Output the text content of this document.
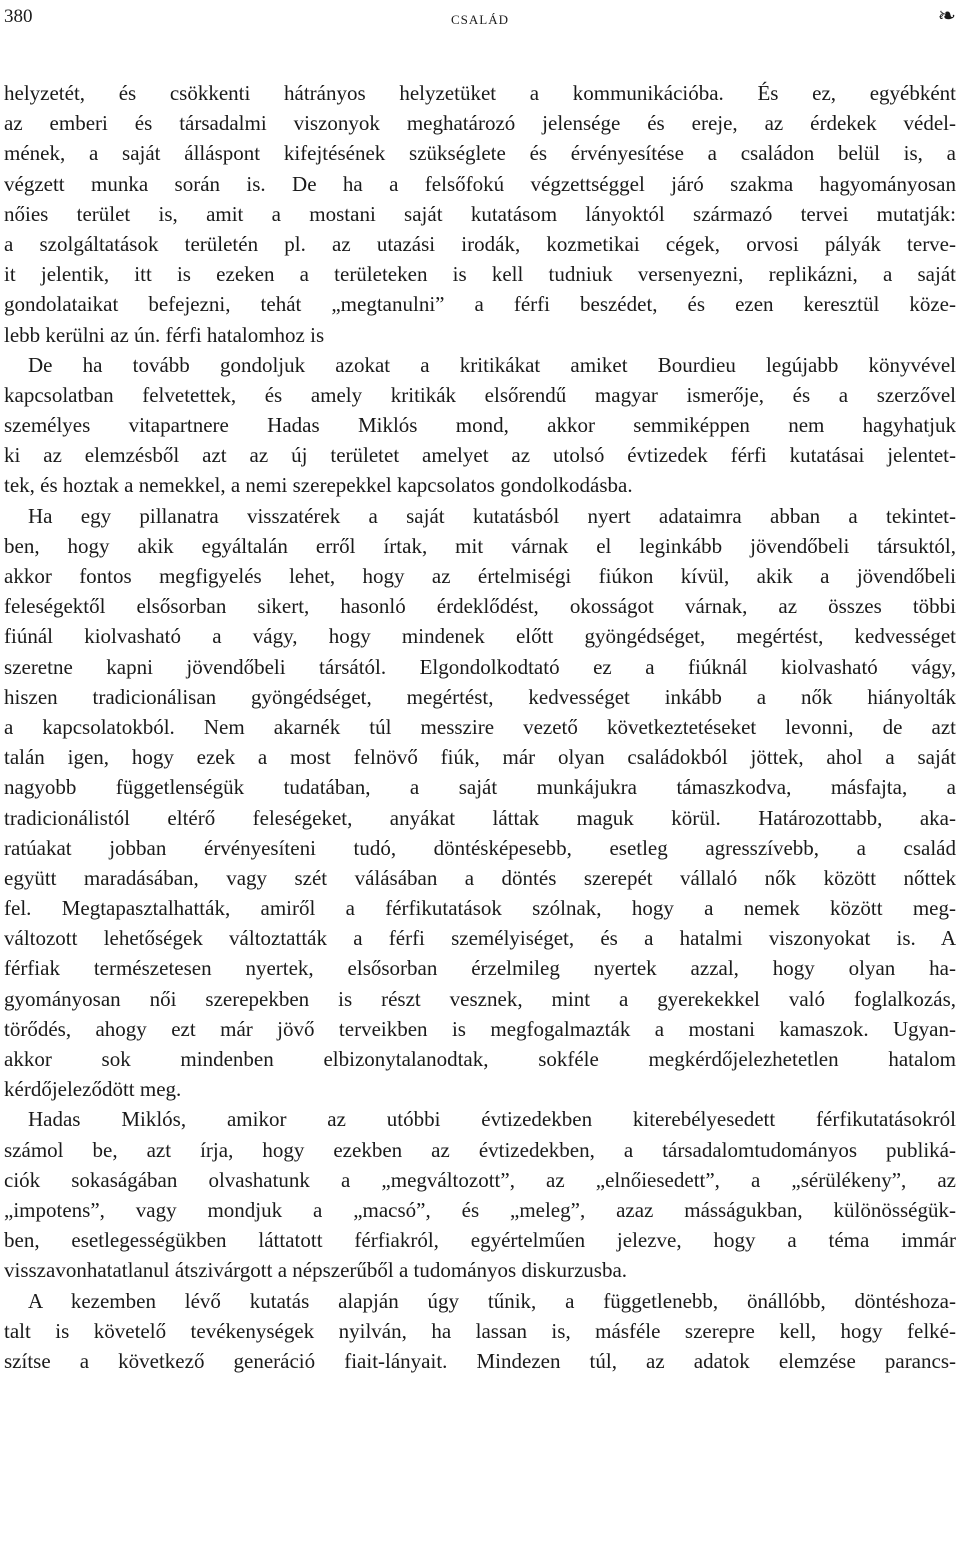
380	család	❧
helyzetét, és csökkenti hátrányos helyzetüket a kommunikációba. És ez, egyébként
az emberi és társadalmi viszonyok meghatározó jelensége és ereje, az érdekek védel-
mének, a saját álláspont kifejtésének szükséglete és érvényesítése a családon belül is, a
végzett munka során is. De ha a felsőfokú végzettséggel járó szakma hagyományosan
nőies terület is, amit a mostani saját kutatásom lányoktól származó tervei mutatják:
a szolgáltatások területén pl. az utazási irodák, kozmetikai cégek, orvosi pályák terve-
it jelentik, itt is ezeken a területeken is kell tudniuk versenyezni, replikázni, a saját
gondolataikat befejezni, tehát „megtanulni” a férfi beszédet, és ezen keresztül köze-
lebb kerülni az ún. férfi hatalomhoz is
De ha tovább gondoljuk azokat a kritikákat amiket Bourdieu legújabb könyvével
kapcsolatban felvetettek, és amely kritikák elsőrendű magyar ismerője, és a szerzővel
személyes vitapartnere Hadas Miklós mond, akkor semmiképpen nem hagyhatjuk
ki az elemzésből azt az új területet amelyet az utolsó évtizedek férfi kutatásai jelentet-
tek, és hoztak a nemekkel, a nemi szerepekkel kapcsolatos gondolkodásba.
Ha egy pillanatra visszatérek a saját kutatásból nyert adataimra abban a tekintet-
ben, hogy akik egyáltalán erről írtak, mit várnak el leginkább jövendőbeli társuktól,
akkor fontos megfigyelés lehet, hogy az értelmiségi fiúkon kívül, akik a jövendőbeli
feleségektől elsősorban sikert, hasonló érdeklődést, okosságot várnak, az összes többi
fiúnál kiolvasható a vágy, hogy mindenek előtt gyöngédséget, megértést, kedvességet
szeretne kapni jövendőbeli társától. Elgondolkodtató ez a fiúknál kiolvasható vágy,
hiszen tradicionálisan gyöngédséget, megértést, kedvességet inkább a nők hiányolták
a kapcsolatokból. Nem akarnék túl messzire vezető következtetéseket levonni, de azt
talán igen, hogy ezek a most felnövő fiúk, már olyan családokból jöttek, ahol a saját
nagyobb függetlenségük tudatában, a saját munkájukra támaszkodva, másfajta, a
tradicionálistól eltérő feleségeket, anyákat láttak maguk körül. Határozottabb, aka-
ratúakat jobban érvényesíteni tudó, döntésképesebb, esetleg agresszívebb, a család
együtt maradásában, vagy szét válásában a döntés szerepét vállaló nők között nőttek
fel. Megtapasztalhatták, amiről a férfikutatások szólnak, hogy a nemek között meg-
változott lehetőségek változtatták a férfi személyiséget, és a hatalmi viszonyokat is. A
férfiak természetesen nyertek, elsősorban érzelmileg nyertek azzal, hogy olyan ha-
gyományosan női szerepekben is részt vesznek, mint a gyerekekkel való foglalkozás,
törődés, ahogy ezt már jövő terveikben is megfogalmazták a mostani kamaszok. Ugyan-
akkor sok mindenben elbizonytalanodtak, sokféle megkérdőjelezhetetlen hatalom
kérdőjeleződött meg.
Hadas Miklós, amikor az utóbbi évtizedekben kiterebélyesedett férfikutatásokról
számol be, azt írja, hogy ezekben az évtizedekben, a társadalomtudományos publiká-
ciók sokaságában olvashatunk a „megváltozott”, az „elnőiesedett”, a „sérülékeny”, az
„impotens”, vagy mondjuk a „macsó”, és „meleg”, azaz másságukban, különösségük-
ben, esetlegességükben láttatott férfiakról, egyértelműen jelezve, hogy a téma immár
visszavonhatatlanul átszivárgott a népszerűből a tudományos diskurzusba.
A kezemben lévő kutatás alapján úgy tűnik, a függetlenebb, önállóbb, döntéshoza-
talt is követelő tevékenységek nyilván, ha lassan is, másféle szerepre kell, hogy felké-
szítse a következő generáció fiait-lányait. Mindezen túl, az adatok elemzése parancs-
